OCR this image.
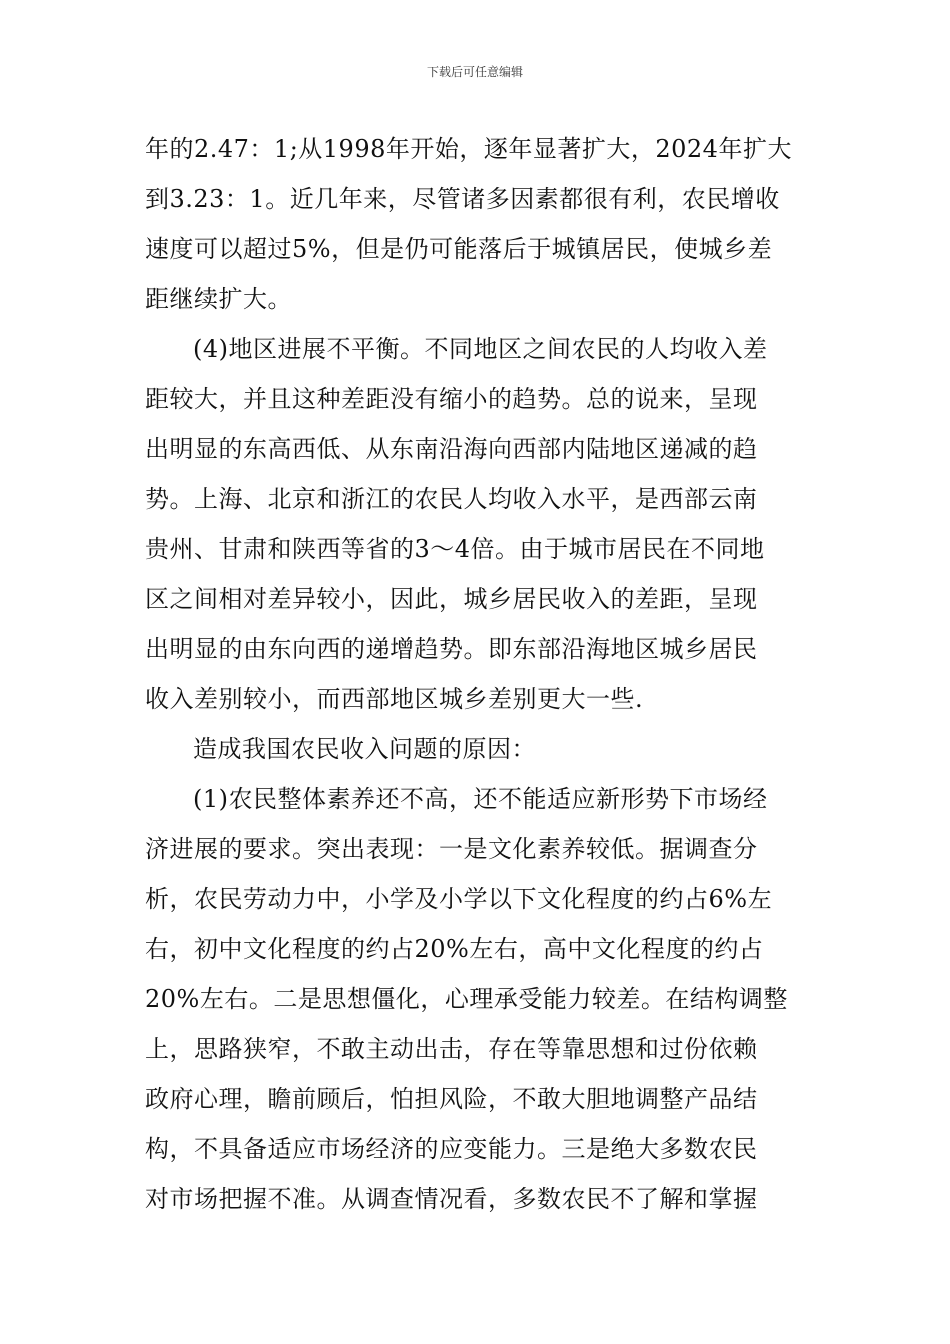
下载后可任意编辑
年的2.47：1;从1998年开始，逐年显著扩大，2024年扩大
到3.23：1。近几年来，尽管诸多因素都很有利，农民增收
速度可以超过5%，但是仍可能落后于城镇居民，使城乡差
距继续扩大。
(4)地区进展不平衡。不同地区之间农民的人均收入差
距较大，并且这种差距没有缩小的趋势。总的说来，呈现
出明显的东高西低、从东南沿海向西部内陆地区递减的趋
势。上海、北京和浙江的农民人均收入水平，是西部云南
贵州、甘肃和陕西等省的3～4倍。由于城市居民在不同地
区之间相对差异较小，因此，城乡居民收入的差距，呈现
出明显的由东向西的递增趋势。即东部沿海地区城乡居民
收入差别较小，而西部地区城乡差别更大一些.
造成我国农民收入问题的原因：
(1)农民整体素养还不高，还不能适应新形势下市场经
济进展的要求。突出表现：一是文化素养较低。据调查分
析，农民劳动力中，小学及小学以下文化程度的约占6%左
右，初中文化程度的约占20%左右，高中文化程度的约占
20%左右。二是思想僵化，心理承受能力较差。在结构调整
上，思路狭窄，不敢主动出击，存在等靠思想和过份依赖
政府心理，瞻前顾后，怕担风险，不敢大胆地调整产品结
构，不具备适应市场经济的应变能力。三是绝大多数农民
对市场把握不准。从调查情况看，多数农民不了解和掌握
